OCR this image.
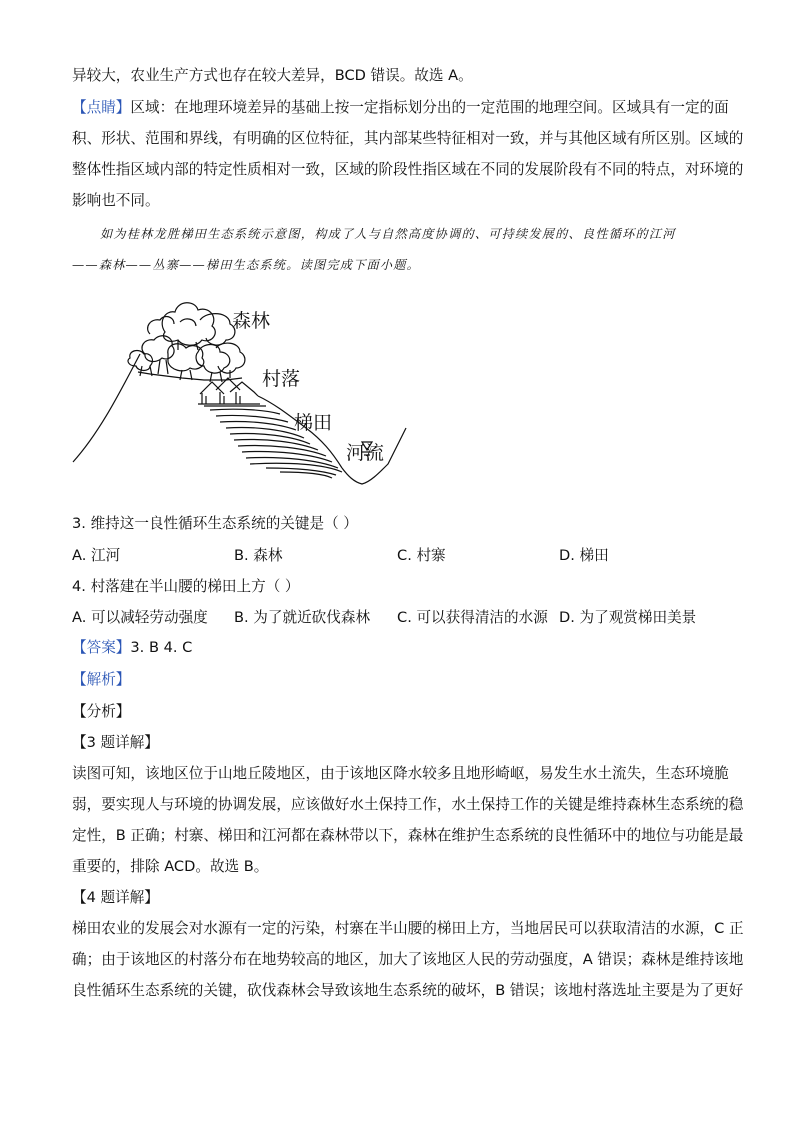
异较大，农业生产方式也存在较大差异，BCD 错误。故选 A。
【点睛】区域：在地理环境差异的基础上按一定指标划分出的一定范围的地理空间。区域具有一定的面
积、形状、范围和界线，有明确的区位特征，其内部某些特征相对一致，并与其他区域有所区别。区域的
整体性指区域内部的特定性质相对一致，区域的阶段性指区域在不同的发展阶段有不同的特点，对环境的
影响也不同。
如为桂林龙胜梯田生态系统示意图，构成了人与自然高度协调的、可持续发展的、良性循环的江河
——森林——丛寨——梯田生态系统。读图完成下面小题。
森林
村落
梯田
河流
3. 维持这一良性循环生态系统的关键是（ ）
A. 江河	B. 森林	C. 村寨	D. 梯田
4. 村落建在半山腰的梯田上方（ ）
A. 可以减轻劳动强度 B. 为了就近砍伐森林 C. 可以获得清洁的水源 D. 为了观赏梯田美景
【答案】3. B 4. C
【解析】
【分析】
【3 题详解】
读图可知，该地区位于山地丘陵地区，由于该地区降水较多且地形崎岖，易发生水土流失，生态环境脆
弱，要实现人与环境的协调发展，应该做好水土保持工作，水土保持工作的关键是维持森林生态系统的稳
定性，B 正确；村寨、梯田和江河都在森林带以下，森林在维护生态系统的良性循环中的地位与功能是最
重要的，排除 ACD。故选 B。
【4 题详解】
梯田农业的发展会对水源有一定的污染，村寨在半山腰的梯田上方，当地居民可以获取清洁的水源，C 正
确；由于该地区的村落分布在地势较高的地区，加大了该地区人民的劳动强度，A 错误；森林是维持该地
良性循环生态系统的关键，砍伐森林会导致该地生态系统的破坏，B 错误；该地村落选址主要是为了更好
